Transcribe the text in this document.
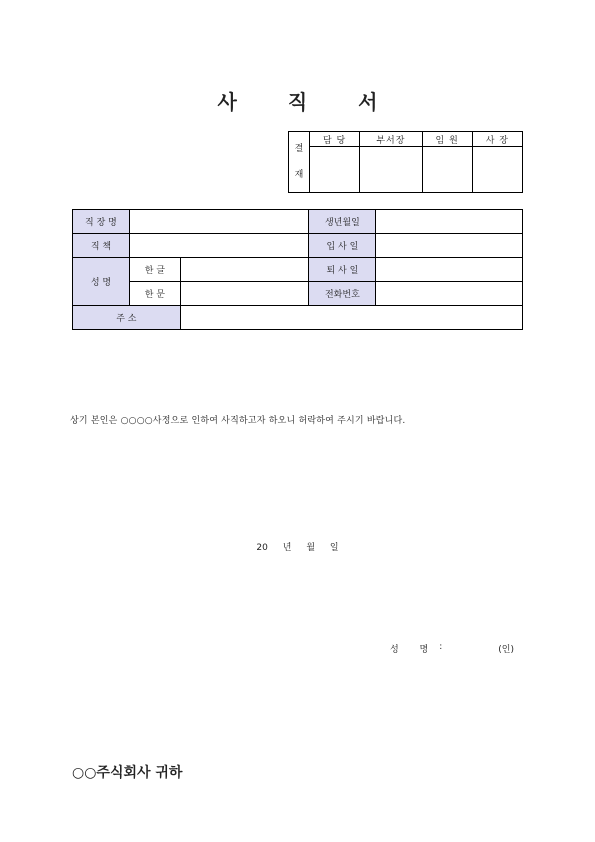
사 직 서
결
재	담 당	부서장	임 원	사 장

직 장 명			생년월일	
직 책			입 사 일	
성 명	한 글		퇴 사 일	
	한 문		전화번호	
주 소				
상기 본인은 ○○○○사정으로 인하여 사직하고자 하오니 허락하여 주시기 바랍니다.
20 년 월 일
성 명 :	(인)
○○주식회사 귀하
